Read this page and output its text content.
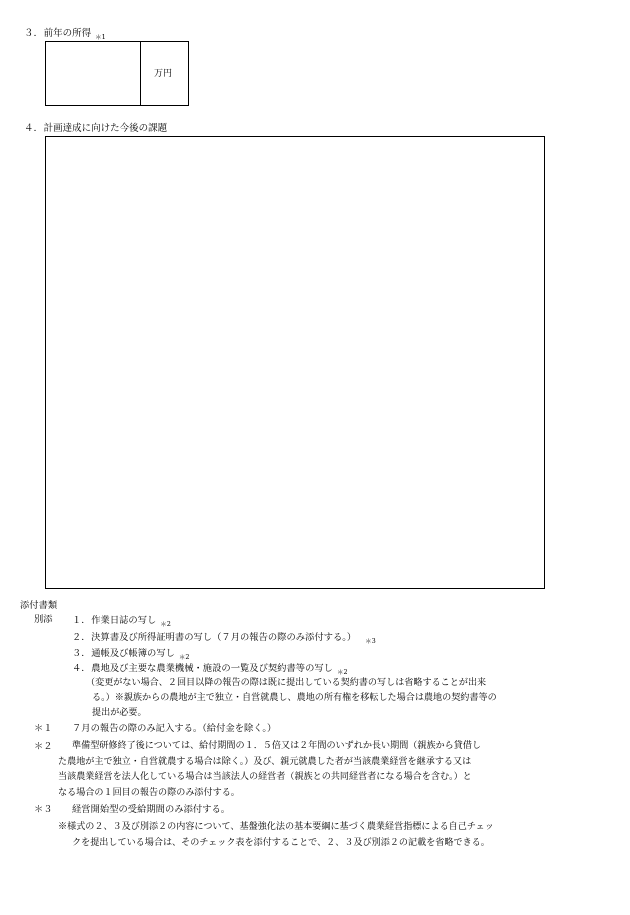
３. 前年の所得 $_{*1}$
万円
４. 計画達成に向けた今後の課題
添付書類
別添 １. 作業日誌の写し $_{*2}$
２. 決算書及び所得証明書の写し（７月の報告の際のみ添付する。） $_{*3}$
３. 通帳及び帳簿の写し $_{*2}$
４. 農地及び主要な農業機械・施設の一覧及び契約書等の写し $_{*2}$
（変更がない場合、２回目以降の報告の際は既に提出している契約書の写しは省略することが出来
る。）※親族からの農地が主で独立・自営就農し、農地の所有権を移転した場合は農地の契約書等の
提出が必要。
＊１ ７月の報告の際のみ記入する。（給付金を除く。）
＊２ 準備型研修終了後については、給付期間の１．５倍又は２年間のいずれか長い期間（親族から貸借し
た農地が主で独立・自営就農する場合は除く。）及び、親元就農した者が当該農業経営を継承する又は
当該農業経営を法人化している場合は当該法人の経営者（親族との共同経営者になる場合を含む。）と
なる場合の１回目の報告の際のみ添付する。
＊３ 経営開始型の受給期間のみ添付する。
※様式の２、３及び別添２の内容について、基盤強化法の基本要綱に基づく農業経営指標による自己チェッ
クを提出している場合は、そのチェック表を添付することで、２、３及び別添２の記載を省略できる。
